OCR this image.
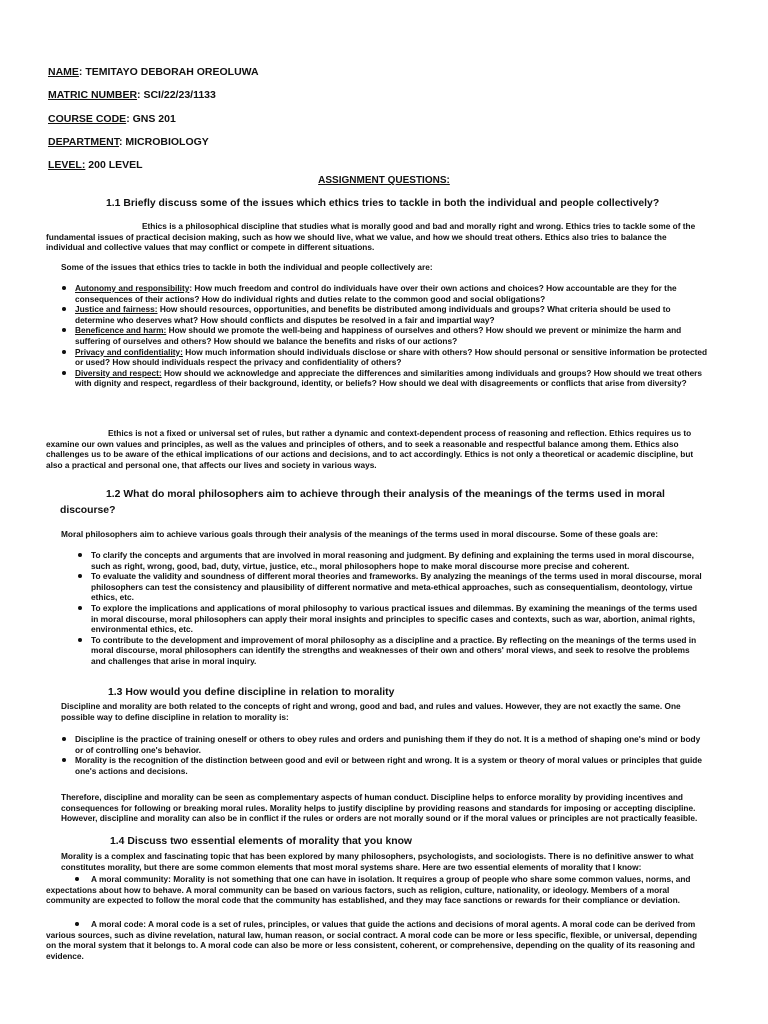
NAME: TEMITAYO DEBORAH OREOLUWA
MATRIC NUMBER: SCI/22/23/1133
COURSE CODE: GNS 201
DEPARTMENT: MICROBIOLOGY
LEVEL: 200 LEVEL
ASSIGNMENT QUESTIONS:
1.1 Briefly discuss some of the issues which ethics tries to tackle in both the individual and people collectively?
Ethics is a philosophical discipline that studies what is morally good and bad and morally right and wrong. Ethics tries to tackle some of the fundamental issues of practical decision making, such as how we should live, what we value, and how we should treat others. Ethics also tries to balance the individual and collective values that may conflict or compete in different situations.
Some of the issues that ethics tries to tackle in both the individual and people collectively are:
Autonomy and responsibility: How much freedom and control do individuals have over their own actions and choices? How accountable are they for the consequences of their actions? How do individual rights and duties relate to the common good and social obligations?
Justice and fairness: How should resources, opportunities, and benefits be distributed among individuals and groups? What criteria should be used to determine who deserves what? How should conflicts and disputes be resolved in a fair and impartial way?
Beneficence and harm: How should we promote the well-being and happiness of ourselves and others? How should we prevent or minimize the harm and suffering of ourselves and others? How should we balance the benefits and risks of our actions?
Privacy and confidentiality: How much information should individuals disclose or share with others? How should personal or sensitive information be protected or used? How should individuals respect the privacy and confidentiality of others?
Diversity and respect: How should we acknowledge and appreciate the differences and similarities among individuals and groups? How should we treat others with dignity and respect, regardless of their background, identity, or beliefs? How should we deal with disagreements or conflicts that arise from diversity?
Ethics is not a fixed or universal set of rules, but rather a dynamic and context-dependent process of reasoning and reflection. Ethics requires us to examine our own values and principles, as well as the values and principles of others, and to seek a reasonable and respectful balance among them. Ethics also challenges us to be aware of the ethical implications of our actions and decisions, and to act accordingly. Ethics is not only a theoretical or academic discipline, but also a practical and personal one, that affects our lives and society in various ways.
1.2 What do moral philosophers aim to achieve through their analysis of the meanings of the terms used in moral discourse?
Moral philosophers aim to achieve various goals through their analysis of the meanings of the terms used in moral discourse. Some of these goals are:
To clarify the concepts and arguments that are involved in moral reasoning and judgment. By defining and explaining the terms used in moral discourse, such as right, wrong, good, bad, duty, virtue, justice, etc., moral philosophers hope to make moral discourse more precise and coherent.
To evaluate the validity and soundness of different moral theories and frameworks. By analyzing the meanings of the terms used in moral discourse, moral philosophers can test the consistency and plausibility of different normative and meta-ethical approaches, such as consequentialism, deontology, virtue ethics, etc.
To explore the implications and applications of moral philosophy to various practical issues and dilemmas. By examining the meanings of the terms used in moral discourse, moral philosophers can apply their moral insights and principles to specific cases and contexts, such as war, abortion, animal rights, environmental ethics, etc.
To contribute to the development and improvement of moral philosophy as a discipline and a practice. By reflecting on the meanings of the terms used in moral discourse, moral philosophers can identify the strengths and weaknesses of their own and others' moral views, and seek to resolve the problems and challenges that arise in moral inquiry.
1.3 How would you define discipline in relation to morality
Discipline and morality are both related to the concepts of right and wrong, good and bad, and rules and values. However, they are not exactly the same. One possible way to define discipline in relation to morality is:
Discipline is the practice of training oneself or others to obey rules and orders and punishing them if they do not. It is a method of shaping one's mind or body or of controlling one's behavior.
Morality is the recognition of the distinction between good and evil or between right and wrong. It is a system or theory of moral values or principles that guide one's actions and decisions.
Therefore, discipline and morality can be seen as complementary aspects of human conduct. Discipline helps to enforce morality by providing incentives and consequences for following or breaking moral rules. Morality helps to justify discipline by providing reasons and standards for imposing or accepting discipline. However, discipline and morality can also be in conflict if the rules or orders are not morally sound or if the moral values or principles are not practically feasible.
1.4 Discuss two essential elements of morality that you know
Morality is a complex and fascinating topic that has been explored by many philosophers, psychologists, and sociologists. There is no definitive answer to what constitutes morality, but there are some common elements that most moral systems share. Here are two essential elements of morality that I know:
A moral community: Morality is not something that one can have in isolation. It requires a group of people who share some common values, norms, and expectations about how to behave. A moral community can be based on various factors, such as religion, culture, nationality, or ideology. Members of a moral community are expected to follow the moral code that the community has established, and they may face sanctions or rewards for their compliance or deviation.
A moral code: A moral code is a set of rules, principles, or values that guide the actions and decisions of moral agents. A moral code can be derived from various sources, such as divine revelation, natural law, human reason, or social contract. A moral code can be more or less specific, flexible, or universal, depending on the moral system that it belongs to. A moral code can also be more or less consistent, coherent, or comprehensive, depending on the quality of its reasoning and evidence.
